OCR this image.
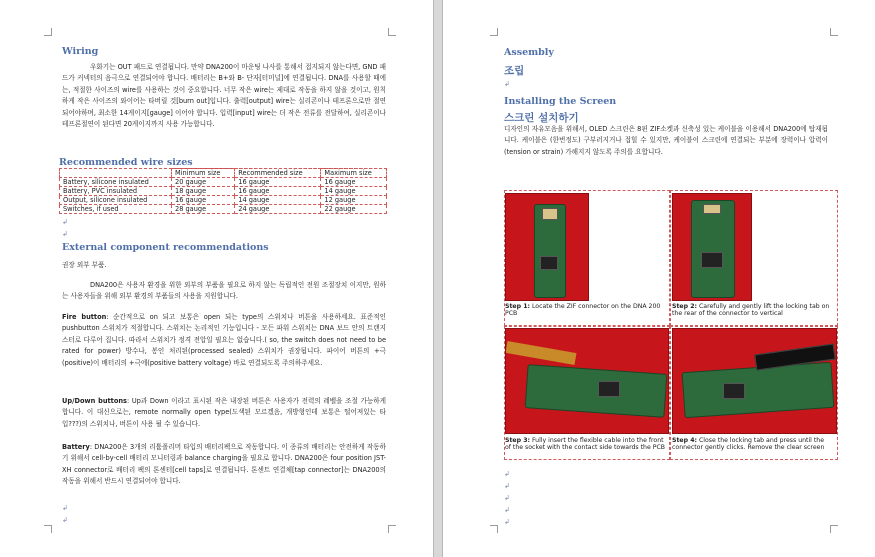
Wiring
우화기는 OUT 패드로 연결됩니다. 만약 DNA200이 마운팅 나사를 통해서 접지되지 않는다면, GND 패드가 커넥터의 음극으로 연결되어야 합니다. 배터리는 B+와 B- 단자[터미널]에 연결됩니다. DNA를 사용할 때에는, 적절한 사이즈의 wire를 사용하는 것이 중요합니다. 너무 작은 wire는 제대로 작동을 하지 않을 것이고, 원칙하게 작은 사이즈의 와이어는 타버릴 것[burn out]입니다. 출력[output] wire는 실리콘이나 테프론으로만 절연되어야하며, 최소한 14게이지[gauge] 이어야 합니다. 입력[input] wire는 더 작은 전류를 전달하여, 실리콘이나 테프론절연이 된다면 20게이지까지 사용 가능합니다.
Recommended wire sizes
	Minimum size	Recommended size	Maximum size
Battery, silicone insulated	20 gauge	16 gauge	16 gauge
Battery, PVC insulated	18 gauge	16 gauge	14 gauge
Output, silicone insulated	16 gauge	14 gauge	12 gauge
Switches, if used	28 gauge	24 gauge	22 gauge
↲
↲
External component recommendations
권장 외부 부품.
DNA200은 사용자 환경을 위한 외부의 부품을 필요로 하지 않는 독립적인 전원 조절장치 이지만, 원하는 사용자들을 위해 외부 환경의 부품들의 사용을 지원합니다.
Fire button: 순간적으로 on 되고 보통은 open 되는 type의 스위치나 버튼을 사용하세요. 표준적인 pushbutton 스위치가 적절합니다. 스위치는 논리적인 기능입니다 - 모든 파워 스위치는 DNA 보드 안의 트랜지스터로 다루어 집니다. 따라서 스위치가 정격 전압일 필요는 없습니다.( so, the switch does not need to be rated for power) 방수나, 봉인 처리된(processed sealed) 스위치가 권장됩니다. 파이어 버튼의 +극(positive)이 배터리의 +극에(positive battery voltage) 바로 연결되도록 주의하주세요.
Up/Down buttons: Up과 Down 이라고 표시된 작은 내장된 버튼은 사용자가 전력의 레벨을 조절 가능하게 합니다. 이 대신으로는, remote normally open type(도색된 모르겠음, 개방형인데 보통은 떨어져있는 타입???)의 스위치나, 버튼이 사용 될 수 있습니다.
Battery: DNA200은 3개의 리튬폴리머 타입의 배터리팩으로 작동합니다. 이 종류의 배터리는 안전하게 작동하기 위해서 cell-by-cell 배터리 모니터링과 balance charging을 필요로 합니다. DNA200은 four position JST-XH connector로 배터리 팩의 톤센터[cell taps]로 연결됩니다. 톤센트 연결체[tap connector]는 DNA200의 작동을 위해서 반드시 연결되어야 합니다.
↲
↲
Assembly
조립
↲
Installing the Screen
스크린 설치하기
디자인의 자유모음을 위해서, OLED 스크린은 8핀 ZIF소켓과 신축성 있는 케이블을 이용해서 DNA200에 탑재됩니다. 케이블은 (한번정도) 구부러지거나 접힐 수 있지만, 케이블이 스크린에 연결되는 부분에 장력이나 압력이(tension or strain) 가해지지 않도록 주의를 요합니다.
Step 1: Locate the ZIF connector on the DNA 200 PCB
Step 2: Carefully and gently lift the locking tab on the rear of the connector to vertical
Step 3: Fully insert the flexible cable into the front of the socket with the contact side towards the PCB
Step 4: Close the locking tab and press until the connector gently clicks. Remove the clear screen
↲
↲
↲
↲
↲
